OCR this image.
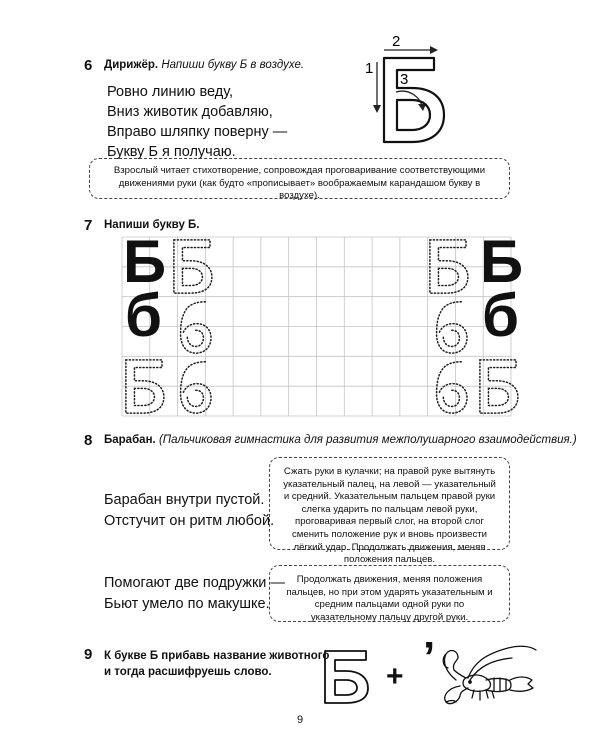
6 Дирижёр. Напиши букву Б в воздухе.
Ровно линию веду,
Вниз животик добавляю,
Вправо шляпку поверну —
Букву Б я получаю.
2
1
3
Взрослый читает стихотворение, сопровождая проговаривание соответствующими движениями руки (как будто «прописывает» воображаемым карандашом букву в воздухе).
7 Напиши букву Б.
Б
б
Б
б
8 Барабан. (Пальчиковая гимнастика для развития межполушарного взаимодействия.)
Барабан внутри пустой.
Отстучит он ритм любой.
Сжать руки в кулачки; на правой руке вытянуть указательный палец, на левой — указательный и средний. Указательным пальцем правой руки слегка ударить по пальцам левой руки, проговаривая первый слог, на второй слог сменить положение рук и вновь произвести лёгкий удар. Продолжать движения, меняя положения пальцев.
Помогают две подружки —
Бьют умело по макушке.
Продолжать движения, меняя положения пальцев, но при этом ударять указательным и средним пальцами одной руки по указательному пальцу другой руки.
9 К букве Б прибавь название животного
и тогда расшифруешь слово.	+ ’
9
